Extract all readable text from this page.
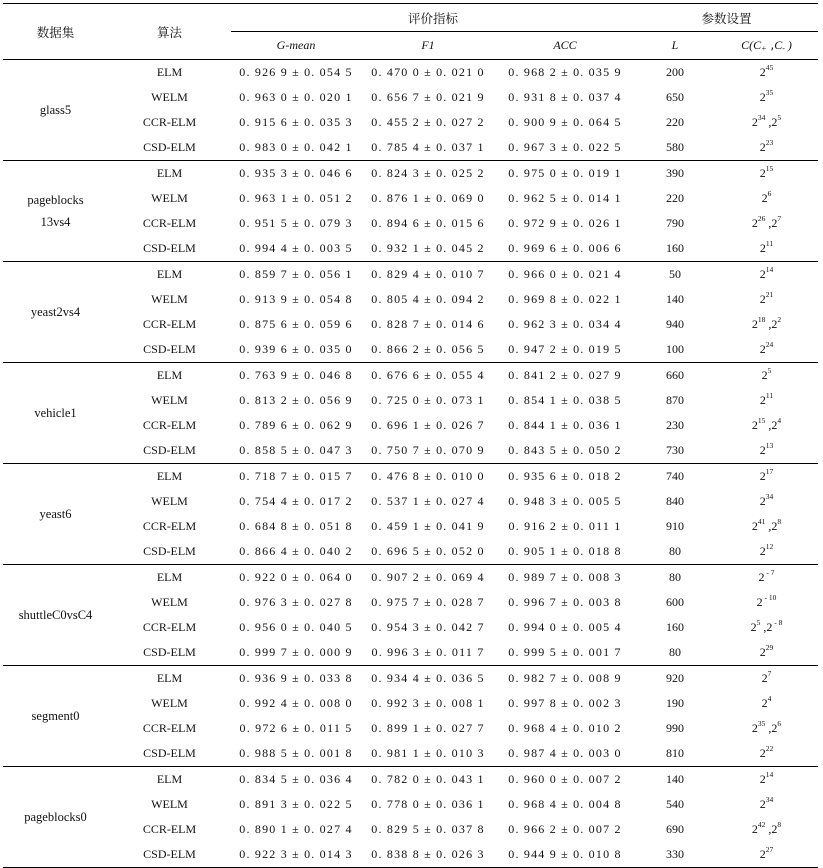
数据集	算法	评价指标			参数设置	
		G-mean	F1	ACC	L	$C(C_+$ $,C_-$ )

glass5	ELM	0. 926 9 ± 0. 054 5	0. 470 0 ± 0. 021 0	0. 968 2 ± 0. 035 9	200	$2^{45}$
	WELM	0. 963 0 ± 0. 020 1	0. 656 7 ± 0. 021 9	0. 931 8 ± 0. 037 4	650	$2^{35}$
	CCR-ELM	0. 915 6 ± 0. 035 3	0. 455 2 ± 0. 027 2	0. 900 9 ± 0. 064 5	220	$2^{34}$ $,2^5$
	CSD-ELM	0. 983 0 ± 0. 042 1	0. 785 4 ± 0. 037 1	0. 967 3 ± 0. 022 5	580	$2^{23}$

pageblocks
13vs4	ELM	0. 935 3 ± 0. 046 6	0. 824 3 ± 0. 025 2	0. 975 0 ± 0. 019 1	390	$2^{15}$
	WELM	0. 963 1 ± 0. 051 2	0. 876 1 ± 0. 069 0	0. 962 5 ± 0. 014 1	220	$2^6$
	CCR-ELM	0. 951 5 ± 0. 079 3	0. 894 6 ± 0. 015 6	0. 972 9 ± 0. 026 1	790	$2^{26}$ $,2^7$
	CSD-ELM	0. 994 4 ± 0. 003 5	0. 932 1 ± 0. 045 2	0. 969 6 ± 0. 006 6	160	$2^{11}$

yeast2vs4	ELM	0. 859 7 ± 0. 056 1	0. 829 4 ± 0. 010 7	0. 966 0 ± 0. 021 4	50	$2^{14}$
	WELM	0. 913 9 ± 0. 054 8	0. 805 4 ± 0. 094 2	0. 969 8 ± 0. 022 1	140	$2^{21}$
	CCR-ELM	0. 875 6 ± 0. 059 6	0. 828 7 ± 0. 014 6	0. 962 3 ± 0. 034 4	940	$2^{18}$ $,2^2$
	CSD-ELM	0. 939 6 ± 0. 035 0	0. 866 2 ± 0. 056 5	0. 947 2 ± 0. 019 5	100	$2^{24}$

vehicle1	ELM	0. 763 9 ± 0. 046 8	0. 676 6 ± 0. 055 4	0. 841 2 ± 0. 027 9	660	$2^5$
	WELM	0. 813 2 ± 0. 056 9	0. 725 0 ± 0. 073 1	0. 854 1 ± 0. 038 5	870	$2^{11}$
	CCR-ELM	0. 789 6 ± 0. 062 9	0. 696 1 ± 0. 026 7	0. 844 1 ± 0. 036 1	230	$2^{15}$ $,2^4$
	CSD-ELM	0. 858 5 ± 0. 047 3	0. 750 7 ± 0. 070 9	0. 843 5 ± 0. 050 2	730	$2^{13}$

yeast6	ELM	0. 718 7 ± 0. 015 7	0. 476 8 ± 0. 010 0	0. 935 6 ± 0. 018 2	740	$2^{17}$
	WELM	0. 754 4 ± 0. 017 2	0. 537 1 ± 0. 027 4	0. 948 3 ± 0. 005 5	840	$2^{34}$
	CCR-ELM	0. 684 8 ± 0. 051 8	0. 459 1 ± 0. 041 9	0. 916 2 ± 0. 011 1	910	$2^{41}$ $,2^8$
	CSD-ELM	0. 866 4 ± 0. 040 2	0. 696 5 ± 0. 052 0	0. 905 1 ± 0. 018 8	80	$2^{12}$

shuttleC0vsC4	ELM	0. 922 0 ± 0. 064 0	0. 907 2 ± 0. 069 4	0. 989 7 ± 0. 008 3	80	2 $^{- 7}$
	WELM	0. 976 3 ± 0. 027 8	0. 975 7 ± 0. 028 7	0. 996 7 ± 0. 003 8	600	2 $^{- 10}$
	CCR-ELM	0. 956 0 ± 0. 040 5	0. 954 3 ± 0. 042 7	0. 994 0 ± 0. 005 4	160	$2^5$ ,2 $^{- 8}$
	CSD-ELM	0. 999 7 ± 0. 000 9	0. 996 3 ± 0. 011 7	0. 999 5 ± 0. 001 7	80	$2^{29}$

segment0	ELM	0. 936 9 ± 0. 033 8	0. 934 4 ± 0. 036 5	0. 982 7 ± 0. 008 9	920	$2^7$
	WELM	0. 992 4 ± 0. 008 0	0. 992 3 ± 0. 008 1	0. 997 8 ± 0. 002 3	190	$2^4$
	CCR-ELM	0. 972 6 ± 0. 011 5	0. 899 1 ± 0. 027 7	0. 968 4 ± 0. 010 2	990	$2^{35}$ $,2^6$
	CSD-ELM	0. 988 5 ± 0. 001 8	0. 981 1 ± 0. 010 3	0. 987 4 ± 0. 003 0	810	$2^{22}$

pageblocks0	ELM	0. 834 5 ± 0. 036 4	0. 782 0 ± 0. 043 1	0. 960 0 ± 0. 007 2	140	$2^{14}$
	WELM	0. 891 3 ± 0. 022 5	0. 778 0 ± 0. 036 1	0. 968 4 ± 0. 004 8	540	$2^{34}$
	CCR-ELM	0. 890 1 ± 0. 027 4	0. 829 5 ± 0. 037 8	0. 966 2 ± 0. 007 2	690	$2^{42}$ $,2^8$
	CSD-ELM	0. 922 3 ± 0. 014 3	0. 838 8 ± 0. 026 3	0. 944 9 ± 0. 010 8	330	$2^{27}$
